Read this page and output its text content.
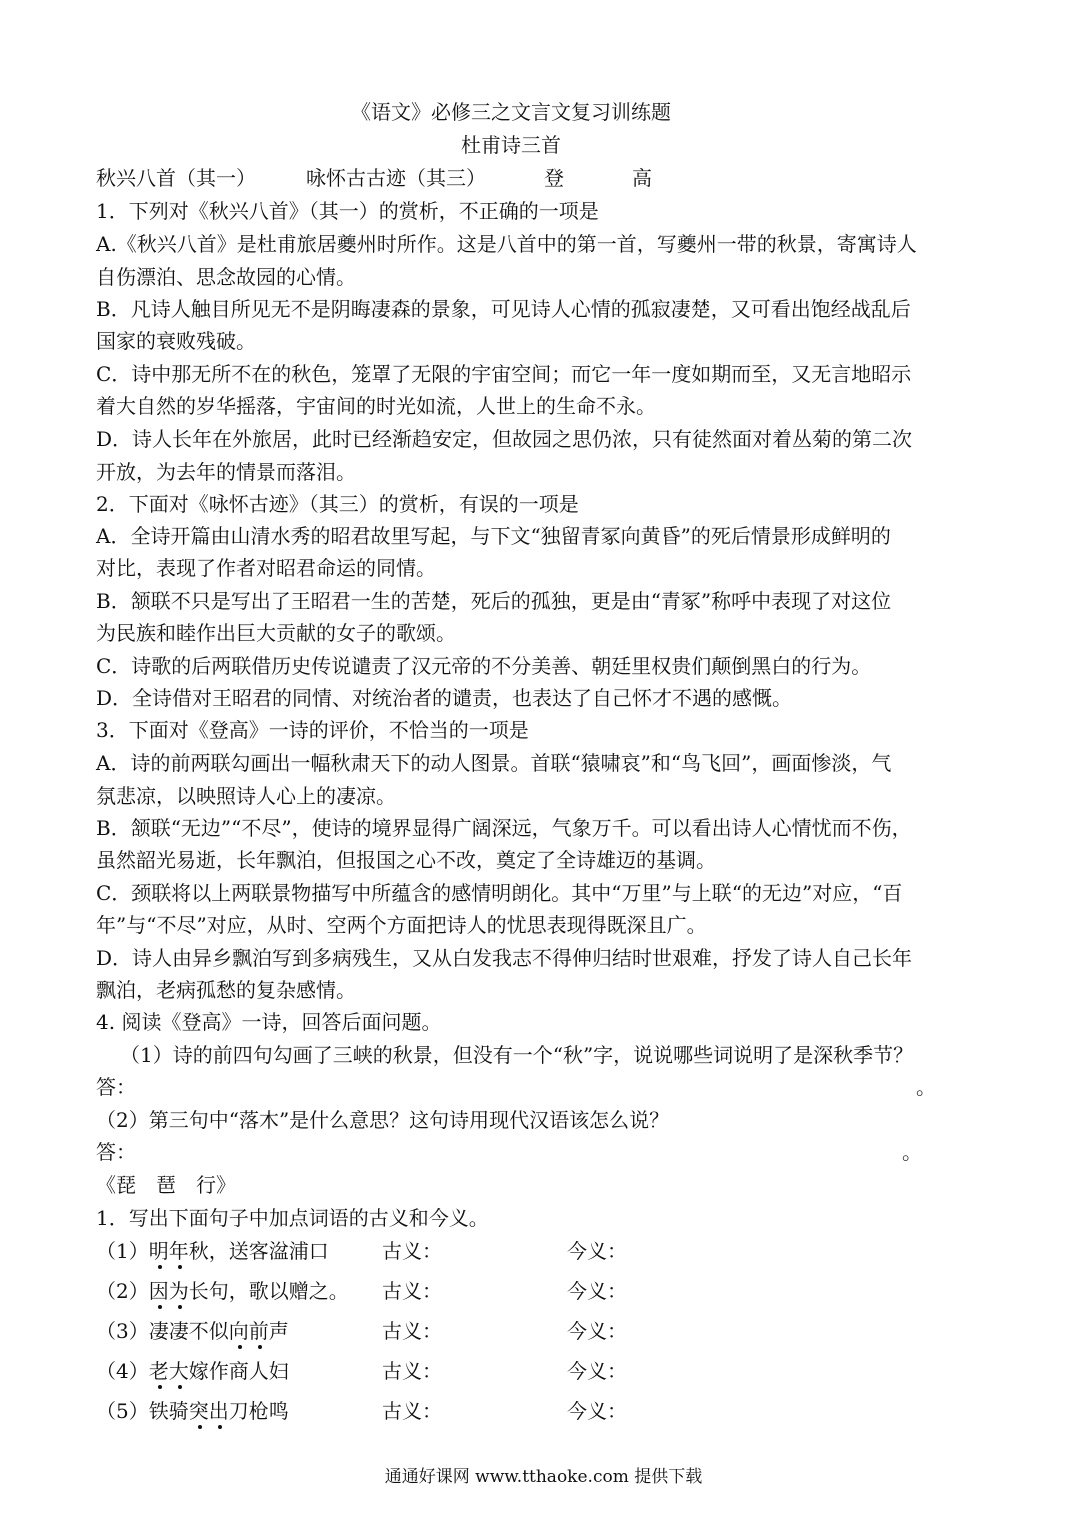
《语文》必修三之文言文复习训练题
杜甫诗三首
秋兴八首（其一）	咏怀古古迹（其三）	登	高
1．下列对《秋兴八首》（其一）的赏析，不正确的一项是
A.《秋兴八首》是杜甫旅居夔州时所作。这是八首中的第一首，写夔州一带的秋景，寄寓诗人
自伤漂泊、思念故园的心情。
B．凡诗人触目所见无不是阴晦凄森的景象，可见诗人心情的孤寂凄楚，又可看出饱经战乱后
国家的衰败残破。
C．诗中那无所不在的秋色，笼罩了无限的宇宙空间；而它一年一度如期而至，又无言地昭示
着大自然的岁华摇落，宇宙间的时光如流，人世上的生命不永。
D．诗人长年在外旅居，此时已经渐趋安定，但故园之思仍浓，只有徒然面对着丛菊的第二次
开放，为去年的情景而落泪。
2．下面对《咏怀古迹》（其三）的赏析，有误的一项是
A．全诗开篇由山清水秀的昭君故里写起，与下文“独留青冢向黄昏”的死后情景形成鲜明的
对比，表现了作者对昭君命运的同情。
B．颔联不只是写出了王昭君一生的苦楚，死后的孤独，更是由“青冢”称呼中表现了对这位
为民族和睦作出巨大贡献的女子的歌颂。
C．诗歌的后两联借历史传说谴责了汉元帝的不分美善、朝廷里权贵们颠倒黑白的行为。
D．全诗借对王昭君的同情、对统治者的谴责，也表达了自己怀才不遇的感慨。
3．下面对《登高》一诗的评价，不恰当的一项是
A．诗的前两联勾画出一幅秋肃天下的动人图景。首联“猿啸哀”和“鸟飞回”，画面惨淡，气
氛悲凉，以映照诗人心上的凄凉。
B．颔联“无边”“不尽”，使诗的境界显得广阔深远，气象万千。可以看出诗人心情忧而不伤，
虽然韶光易逝，长年飘泊，但报国之心不改，奠定了全诗雄迈的基调。
C．颈联将以上两联景物描写中所蕴含的感情明朗化。其中“万里”与上联“的无边”对应，“百
年”与“不尽”对应，从时、空两个方面把诗人的忧思表现得既深且广。
D．诗人由异乡飘泊写到多病残生，又从白发我志不得伸归结时世艰难，抒发了诗人自己长年
飘泊，老病孤愁的复杂感情。
4. 阅读《登高》一诗，回答后面问题。
（1）诗的前四句勾画了三峡的秋景，但没有一个“秋”字，说说哪些词说明了是深秋季节？
答：	。
（2）第三句中“落木”是什么意思？这句诗用现代汉语该怎么说？
答：	。
《琵　琶　行》
1．写出下面句子中加点词语的古义和今义。
（1）明年秋，送客湓浦口	古义：	今义：
（2）因为长句，歌以赠之。 古义：	今义：
（3）凄凄不似向前声	古义：	今义：
（4）老大嫁作商人妇	古义：	今义：
（5）铁骑突出刀枪鸣	古义：	今义：
通通好课网 www.tthaoke.com 提供下载
